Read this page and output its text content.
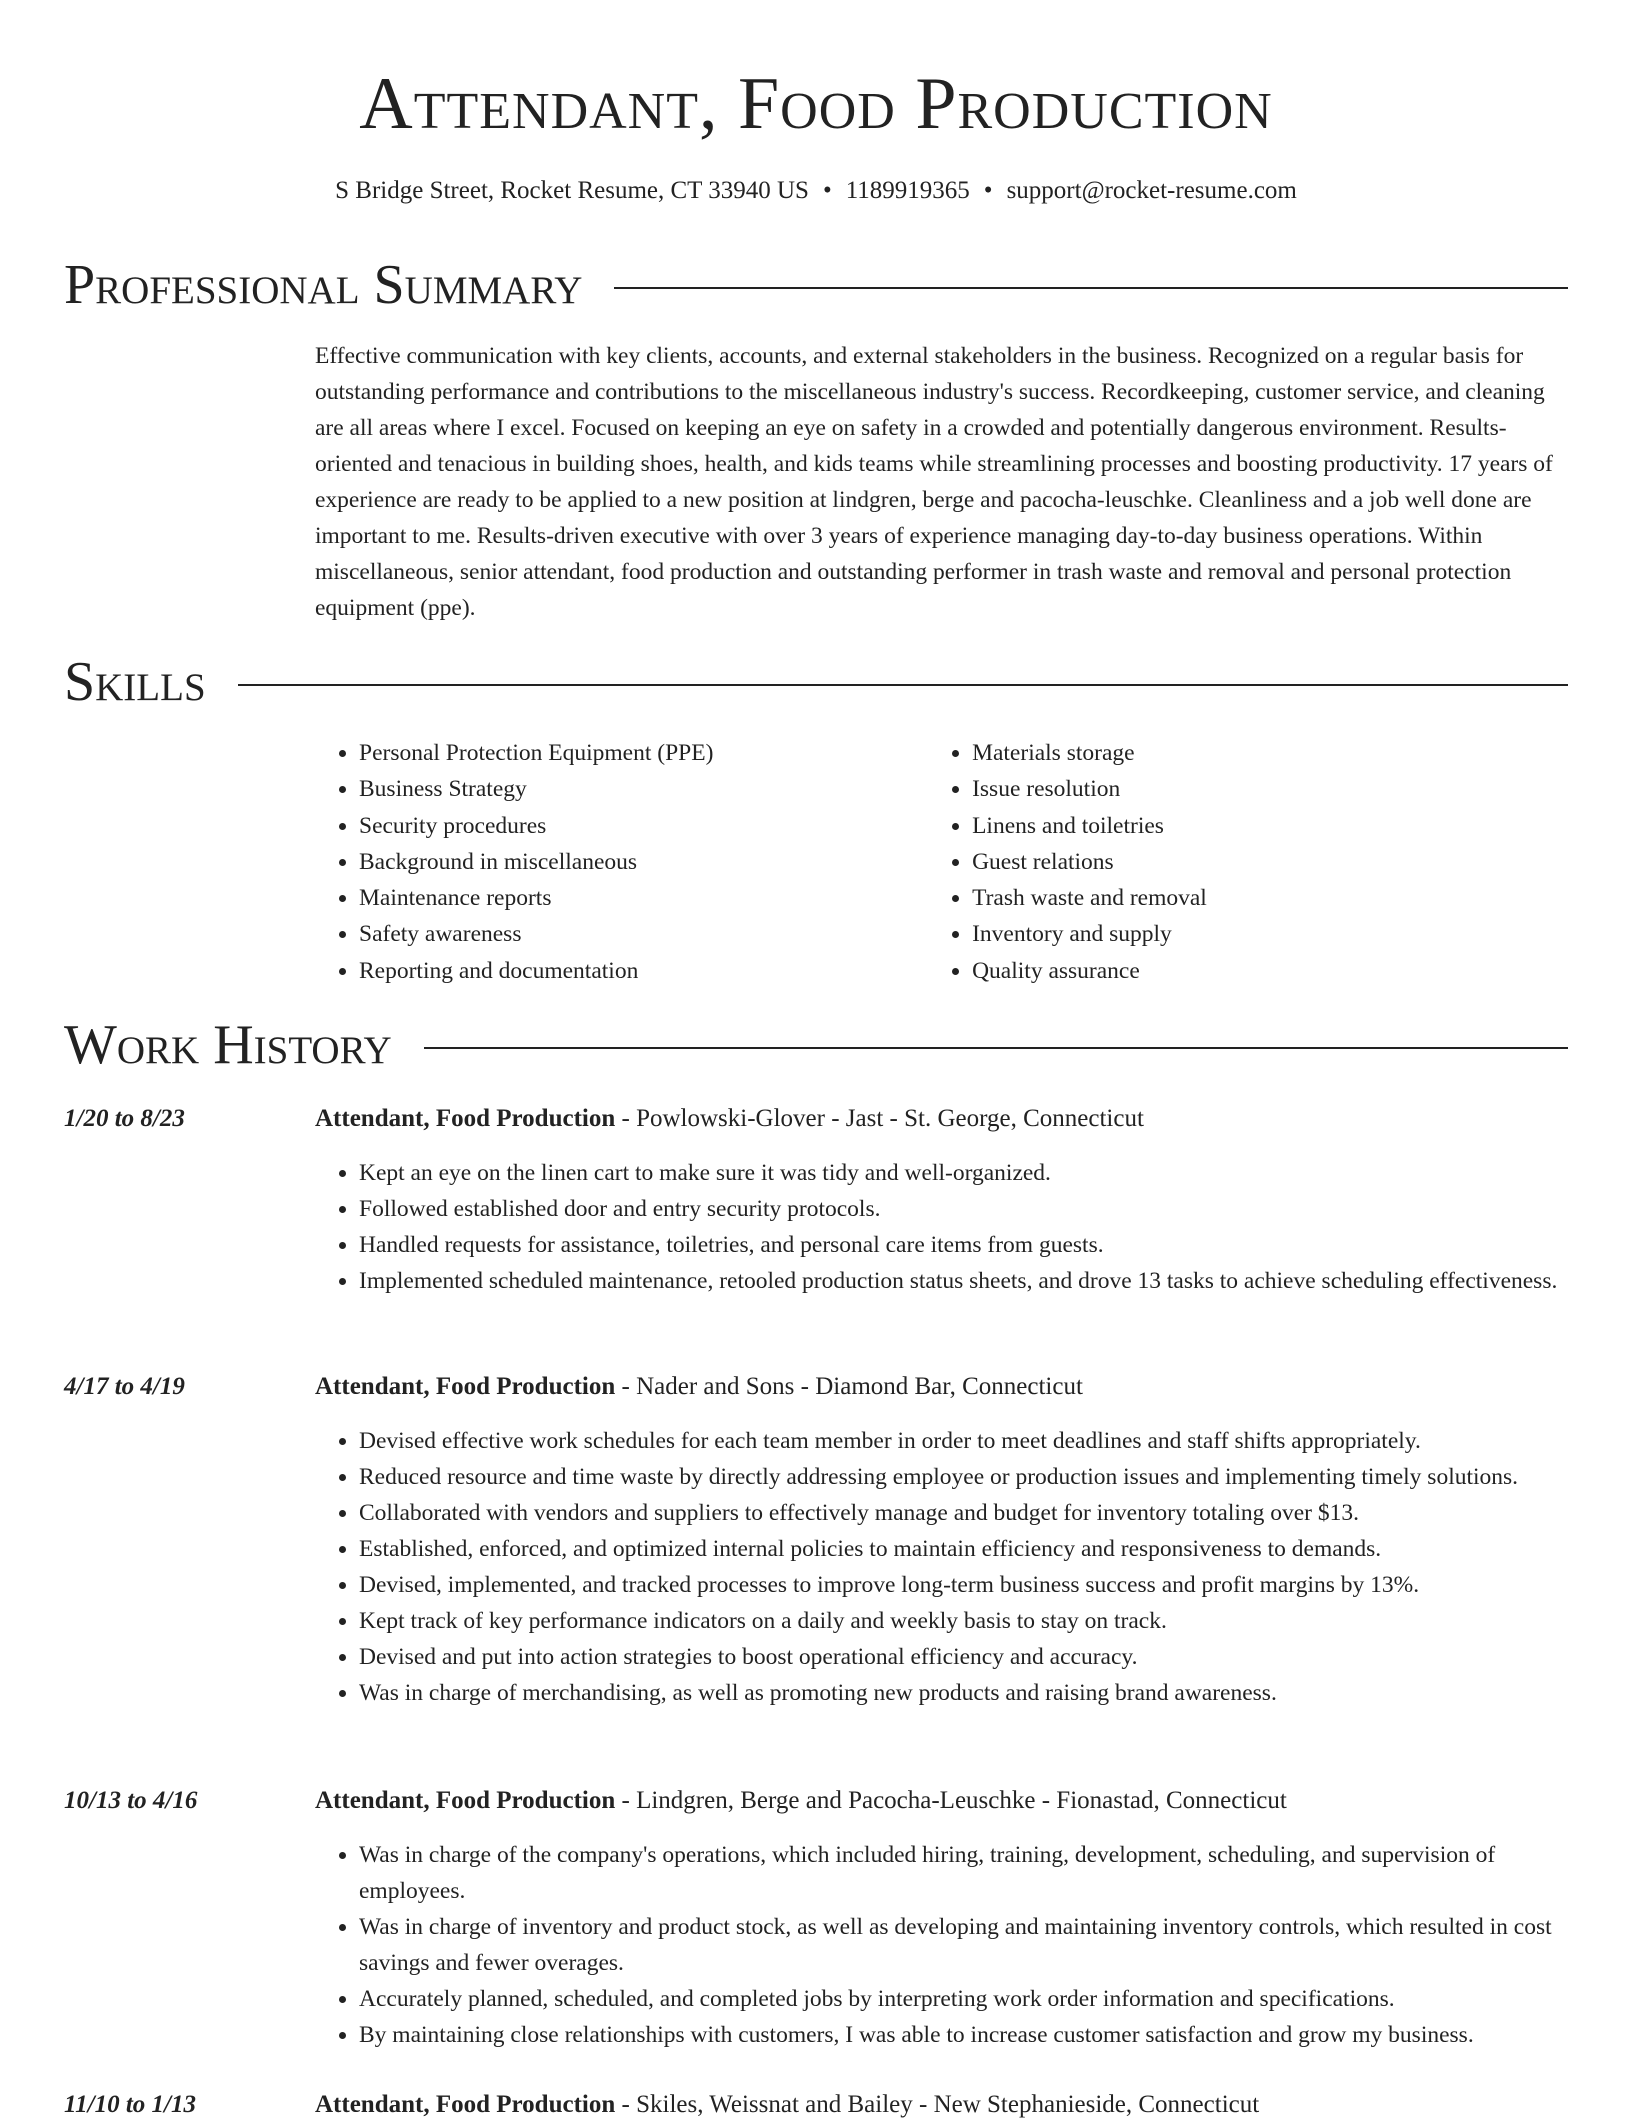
Attendant, Food Production
S Bridge Street, Rocket Resume, CT 33940 US • 1189919365 • support@rocket-resume.com
Professional Summary

Effective communication with key clients, accounts, and external stakeholders in the business. Recognized on a regular basis for outstanding performance and contributions to the miscellaneous industry's success. Recordkeeping, customer service, and cleaning are all areas where I excel. Focused on keeping an eye on safety in a crowded and potentially dangerous environment. Results-oriented and tenacious in building shoes, health, and kids teams while streamlining processes and boosting productivity. 17 years of experience are ready to be applied to a new position at lindgren, berge and pacocha-leuschke. Cleanliness and a job well done are important to me. Results-driven executive with over 3 years of experience managing day-to-day business operations. Within miscellaneous, senior attendant, food production and outstanding performer in trash waste and removal and personal protection equipment (ppe).

Skills
• Personal Protection Equipment (PPE)
• Business Strategy
• Security procedures
• Background in miscellaneous
• Maintenance reports
• Safety awareness
• Reporting and documentation
• Materials storage
• Issue resolution
• Linens and toiletries
• Guest relations
• Trash waste and removal
• Inventory and supply
• Quality assurance
Work History
1/20 to 8/23	Attendant, Food Production - Powlowski-Glover - Jast - St. George, Connecticut
• Kept an eye on the linen cart to make sure it was tidy and well-organized.
• Followed established door and entry security protocols.
• Handled requests for assistance, toiletries, and personal care items from guests.
• Implemented scheduled maintenance, retooled production status sheets, and drove 13 tasks to achieve scheduling effectiveness.
4/17 to 4/19	Attendant, Food Production - Nader and Sons - Diamond Bar, Connecticut
• Devised effective work schedules for each team member in order to meet deadlines and staff shifts appropriately.
• Reduced resource and time waste by directly addressing employee or production issues and implementing timely solutions.
• Collaborated with vendors and suppliers to effectively manage and budget for inventory totaling over $13.
• Established, enforced, and optimized internal policies to maintain efficiency and responsiveness to demands.
• Devised, implemented, and tracked processes to improve long-term business success and profit margins by 13%.
• Kept track of key performance indicators on a daily and weekly basis to stay on track.
• Devised and put into action strategies to boost operational efficiency and accuracy.
• Was in charge of merchandising, as well as promoting new products and raising brand awareness.
10/13 to 4/16	Attendant, Food Production - Lindgren, Berge and Pacocha-Leuschke - Fionastad, Connecticut
• Was in charge of the company's operations, which included hiring, training, development, scheduling, and supervision of employees.
• Was in charge of inventory and product stock, as well as developing and maintaining inventory controls, which resulted in cost savings and fewer overages.
• Accurately planned, scheduled, and completed jobs by interpreting work order information and specifications.
• By maintaining close relationships with customers, I was able to increase customer satisfaction and grow my business.
11/10 to 1/13	Attendant, Food Production - Skiles, Weissnat and Bailey - New Stephanieside, Connecticut
